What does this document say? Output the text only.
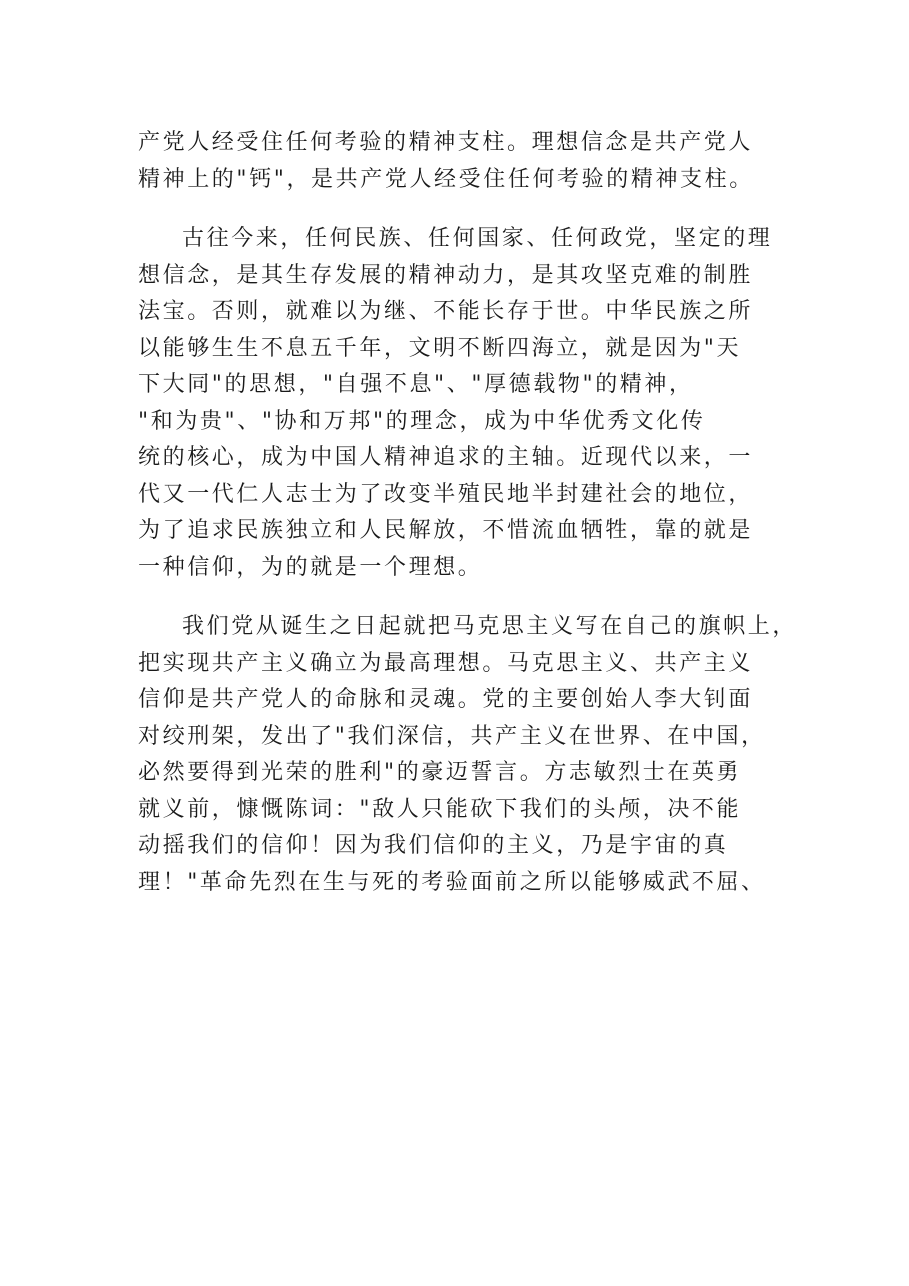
产党人经受住任何考验的精神支柱。理想信念是共产党人
精神上的"钙"，是共产党人经受住任何考验的精神支柱。

古往今来，任何民族、任何国家、任何政党，坚定的理
想信念，是其生存发展的精神动力，是其攻坚克难的制胜
法宝。否则，就难以为继、不能长存于世。中华民族之所
以能够生生不息五千年，文明不断四海立，就是因为"天
下大同"的思想，"自强不息"、"厚德载物"的精神，
"和为贵"、"协和万邦"的理念，成为中华优秀文化传
统的核心，成为中国人精神追求的主轴。近现代以来，一
代又一代仁人志士为了改变半殖民地半封建社会的地位，
为了追求民族独立和人民解放，不惜流血牺牲，靠的就是
一种信仰，为的就是一个理想。

我们党从诞生之日起就把马克思主义写在自己的旗帜上，
把实现共产主义确立为最高理想。马克思主义、共产主义
信仰是共产党人的命脉和灵魂。党的主要创始人李大钊面
对绞刑架，发出了"我们深信，共产主义在世界、在中国，
必然要得到光荣的胜利"的豪迈誓言。方志敏烈士在英勇
就义前，慷慨陈词："敌人只能砍下我们的头颅，决不能
动摇我们的信仰！因为我们信仰的主义，乃是宇宙的真
理！"革命先烈在生与死的考验面前之所以能够威武不屈、
